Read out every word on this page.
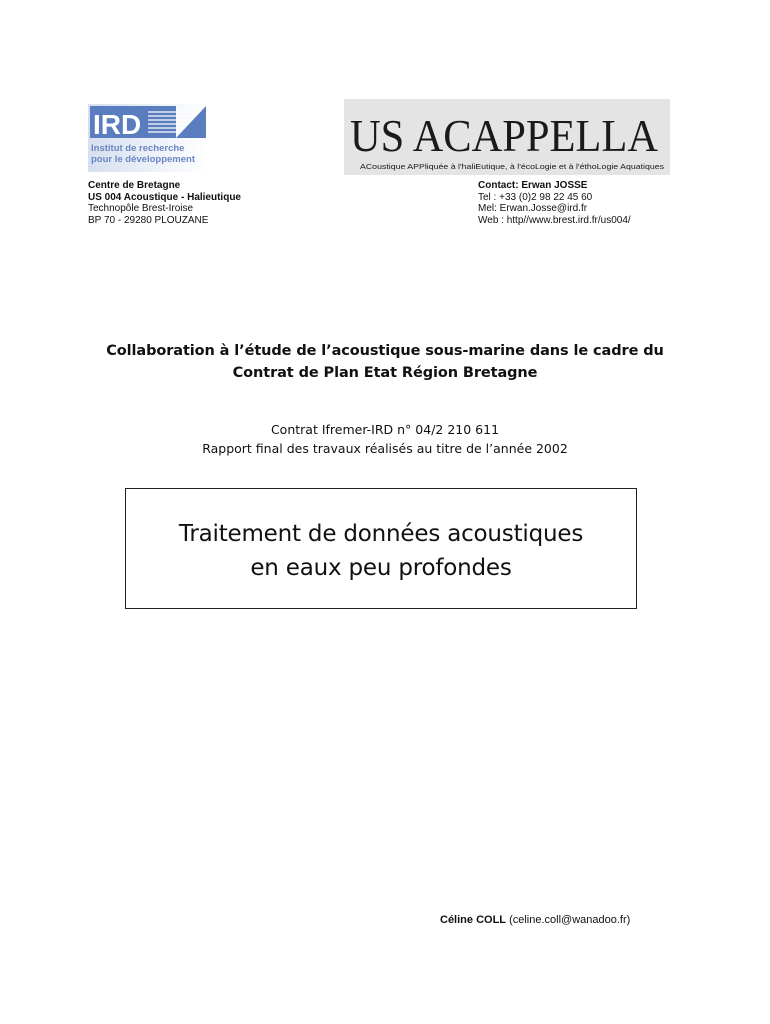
IRD
Institut de recherche
pour le développement	US ACAPPELLA
ACoustique APPliquée à l'haliEutique, à l'écoLogie et à l'éthoLogie Aquatiques
Centre de Bretagne
US 004 Acoustique - Halieutique
Technopôle Brest-Iroise
BP 70 - 29280 PLOUZANE
Contact: Erwan JOSSE
Tel : +33 (0)2 98 22 45 60
Mel: Erwan.Josse@ird.fr
Web : http//www.brest.ird.fr/us004/
Collaboration à l’étude de l’acoustique sous-marine dans le cadre du
Contrat de Plan Etat Région Bretagne
Contrat Ifremer-IRD n° 04/2 210 611
Rapport final des travaux réalisés au titre de l’année 2002
Traitement de données acoustiques
en eaux peu profondes
Céline COLL (celine.coll@wanadoo.fr)
